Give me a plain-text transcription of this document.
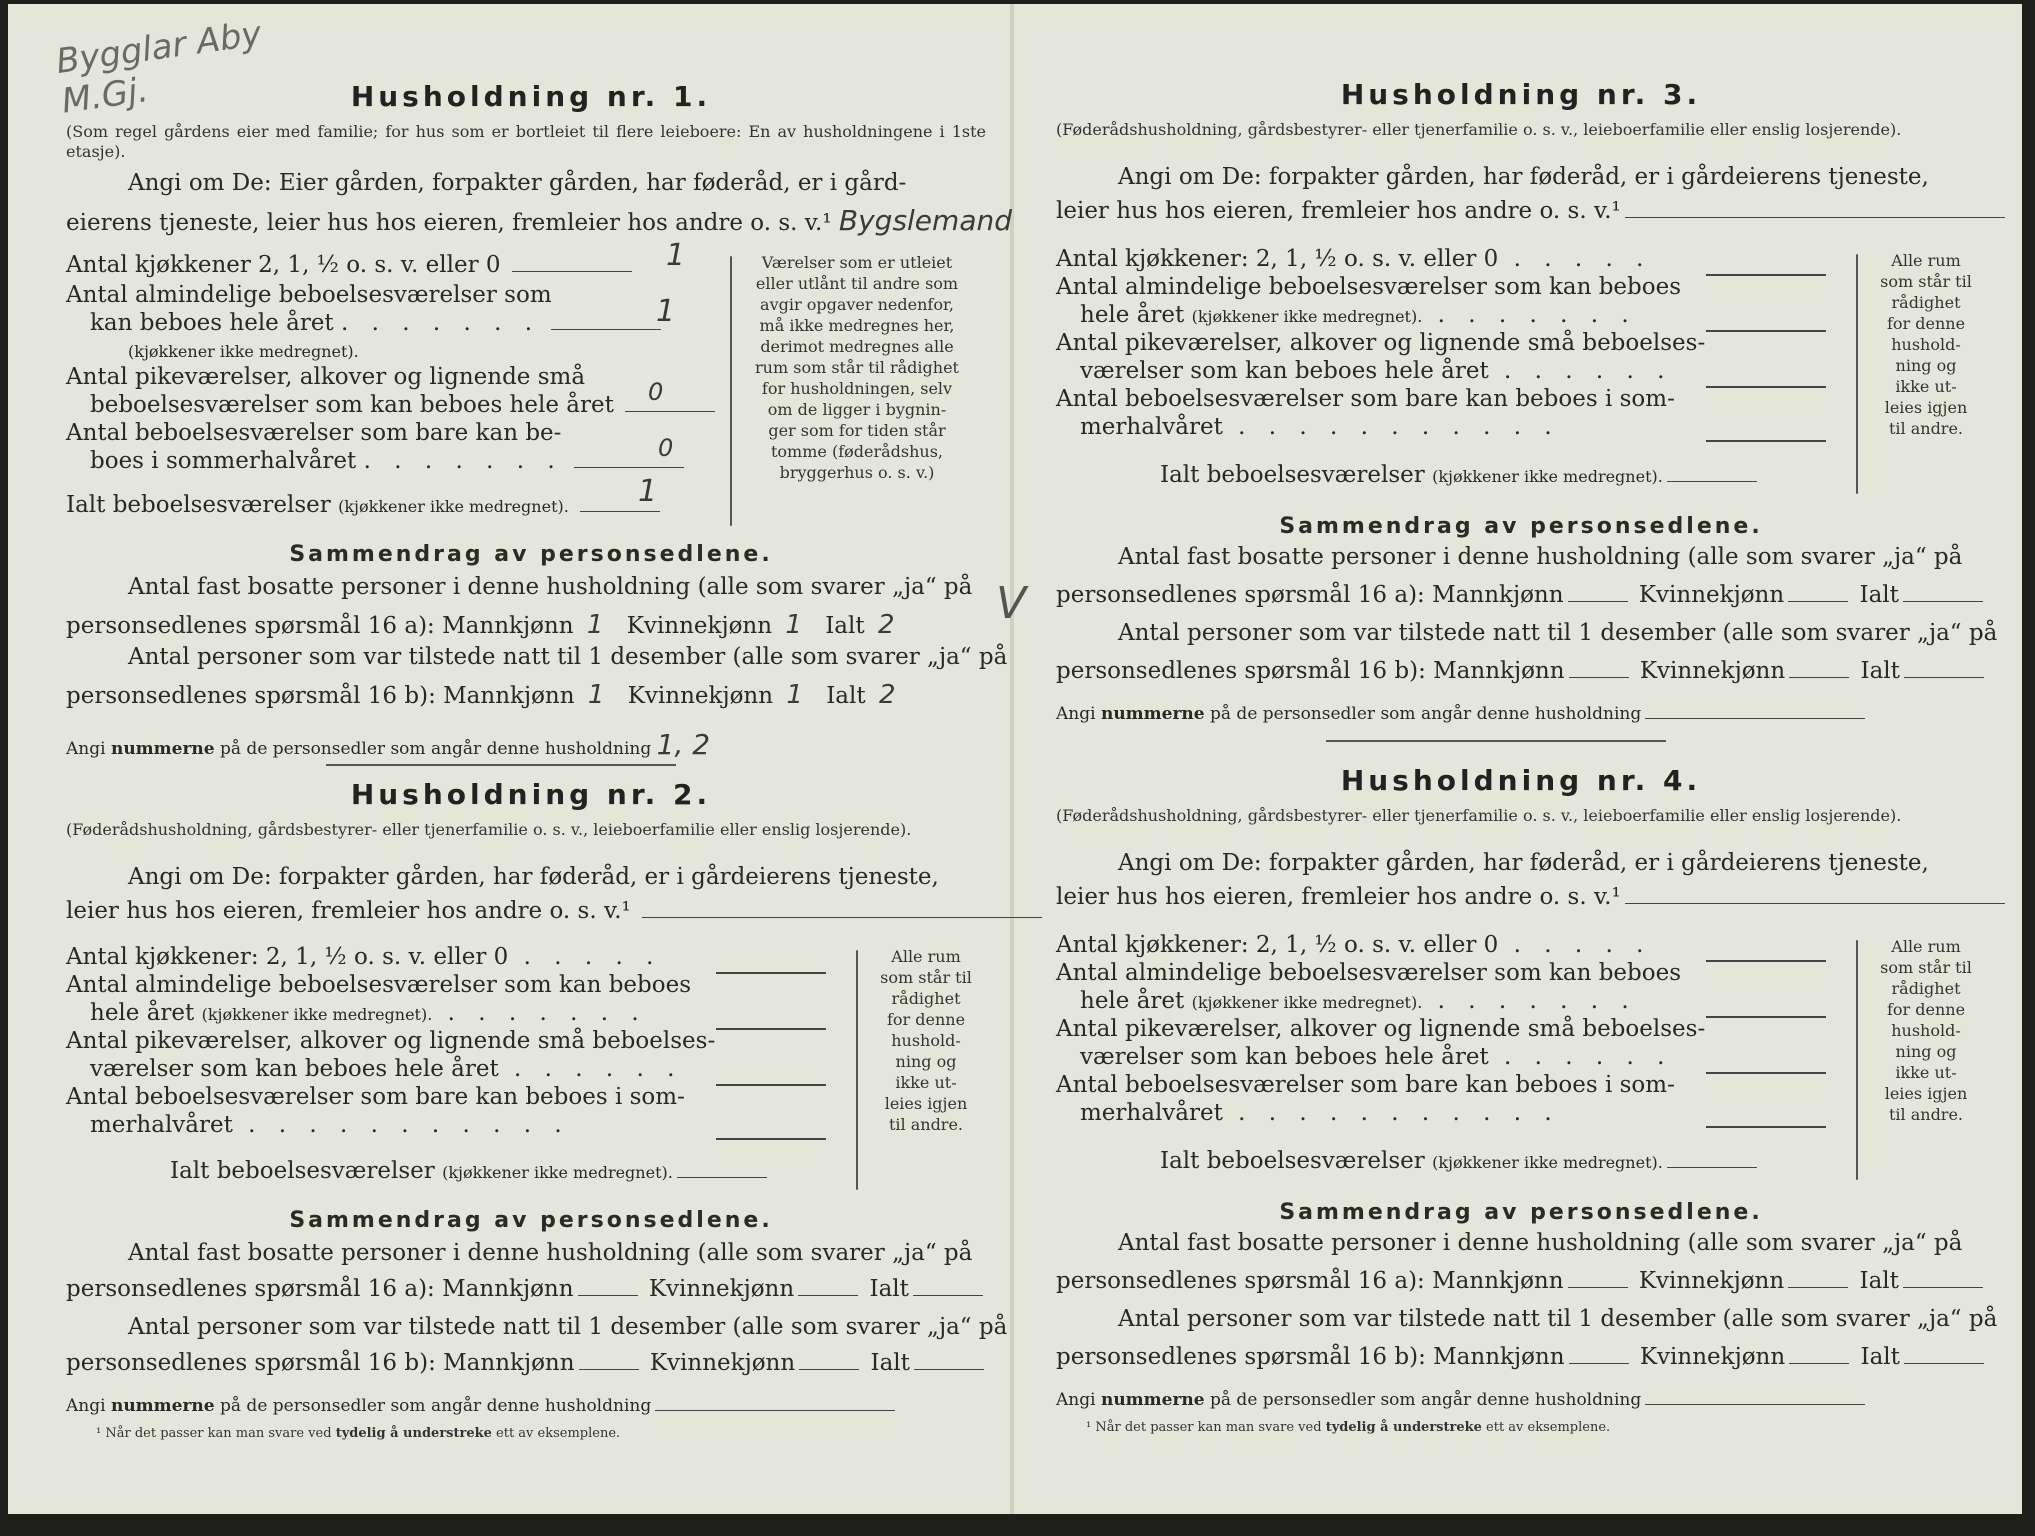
Bygglar Aby M.Gj.	Husholdning nr. 1.
(Som regel gårdens eier med familie; for hus som er bortleiet til flere leieboere: En av husholdningene i 1ste etasje).
Angi om De: Eier gården, forpakter gården, har føderåd, er i gård-
eierens tjeneste, leier hus hos eieren, fremleier hos andre o. s. v.¹ Bygslemand
Antal kjøkkener 2, 1, ½ o. s. v. eller 0	1
Antal almindelige beboelsesværelser som
kan beboes hele året . . . . . . .	1
(kjøkkener ikke medregnet).
Antal pikeværelser, alkover og lignende små
beboelsesværelser som kan beboes hele året	0
Antal beboelsesværelser som bare kan be-
boes i sommerhalvåret . . . . . . .	0
Ialt beboelsesværelser (kjøkkener ikke medregnet).	1
Værelser som er utleiet
eller utlånt til andre som
avgir opgaver nedenfor,
må ikke medregnes her,
derimot medregnes alle
rum som står til rådighet
for husholdningen, selv
om de ligger i bygnin-
ger som for tiden står
tomme (føderådshus,
bryggerhus o. s. v.)
Sammendrag av personsedlene.
Antal fast bosatte personer i denne husholdning (alle som svarer „ja“ på
personsedlenes spørsmål 16 a): Mannkjønn 1 Kvinnekjønn 1 Ialt 2 V
Antal personer som var tilstede natt til 1 desember (alle som svarer „ja“ på
personsedlenes spørsmål 16 b): Mannkjønn 1 Kvinnekjønn 1 Ialt 2
Angi nummerne på de personsedler som angår denne husholdning 1, 2
Husholdning nr. 2.
(Føderådshusholdning, gårdsbestyrer- eller tjenerfamilie o. s. v., leieboerfamilie eller enslig losjerende).
Angi om De: forpakter gården, har føderåd, er i gårdeierens tjeneste,
leier hus hos eieren, fremleier hos andre o. s. v.¹
Antal kjøkkener: 2, 1, ½ o. s. v. eller 0 . . . . .
Antal almindelige beboelsesværelser som kan beboes
hele året (kjøkkener ikke medregnet). . . . . . . .
Antal pikeværelser, alkover og lignende små beboelses-
værelser som kan beboes hele året . . . . . .
Antal beboelsesværelser som bare kan beboes i som-
merhalvåret . . . . . . . . . . .
Ialt beboelsesværelser (kjøkkener ikke medregnet).
Alle rum
som står til
rådighet
for denne
hushold-
ning og
ikke ut-
leies igjen
til andre.
Sammendrag av personsedlene.
Antal fast bosatte personer i denne husholdning (alle som svarer „ja“ på
personsedlenes spørsmål 16 a): Mannkjønn	Kvinnekjønn	Ialt
Antal personer som var tilstede natt til 1 desember (alle som svarer „ja“ på
personsedlenes spørsmål 16 b): Mannkjønn	Kvinnekjønn	Ialt
Angi nummerne på de personsedler som angår denne husholdning
¹ Når det passer kan man svare ved tydelig å understreke ett av eksemplene.
Husholdning nr. 3.
(Føderådshusholdning, gårdsbestyrer- eller tjenerfamilie o. s. v., leieboerfamilie eller enslig losjerende).
Angi om De: forpakter gården, har føderåd, er i gårdeierens tjeneste,
leier hus hos eieren, fremleier hos andre o. s. v.¹
Antal kjøkkener: 2, 1, ½ o. s. v. eller 0 . . . . .
Antal almindelige beboelsesværelser som kan beboes
hele året (kjøkkener ikke medregnet). . . . . . . .
Antal pikeværelser, alkover og lignende små beboelses-
værelser som kan beboes hele året . . . . . .
Antal beboelsesværelser som bare kan beboes i som-
merhalvåret . . . . . . . . . . .
Ialt beboelsesværelser (kjøkkener ikke medregnet).
Alle rum
som står til
rådighet
for denne
hushold-
ning og
ikke ut-
leies igjen
til andre.
Sammendrag av personsedlene.
Antal fast bosatte personer i denne husholdning (alle som svarer „ja“ på
personsedlenes spørsmål 16 a): Mannkjønn	Kvinnekjønn	Ialt
Antal personer som var tilstede natt til 1 desember (alle som svarer „ja“ på
personsedlenes spørsmål 16 b): Mannkjønn	Kvinnekjønn	Ialt
Angi nummerne på de personsedler som angår denne husholdning
Husholdning nr. 4.
(Føderådshusholdning, gårdsbestyrer- eller tjenerfamilie o. s. v., leieboerfamilie eller enslig losjerende).
Angi om De: forpakter gården, har føderåd, er i gårdeierens tjeneste,
leier hus hos eieren, fremleier hos andre o. s. v.¹
Antal kjøkkener: 2, 1, ½ o. s. v. eller 0 . . . . .
Antal almindelige beboelsesværelser som kan beboes
hele året (kjøkkener ikke medregnet). . . . . . . .
Antal pikeværelser, alkover og lignende små beboelses-
værelser som kan beboes hele året . . . . . .
Antal beboelsesværelser som bare kan beboes i som-
merhalvåret . . . . . . . . . . .
Ialt beboelsesværelser (kjøkkener ikke medregnet).
Alle rum
som står til
rådighet
for denne
hushold-
ning og
ikke ut-
leies igjen
til andre.
Sammendrag av personsedlene.
Antal fast bosatte personer i denne husholdning (alle som svarer „ja“ på
personsedlenes spørsmål 16 a): Mannkjønn	Kvinnekjønn	Ialt
Antal personer som var tilstede natt til 1 desember (alle som svarer „ja“ på
personsedlenes spørsmål 16 b): Mannkjønn	Kvinnekjønn	Ialt
Angi nummerne på de personsedler som angår denne husholdning
¹ Når det passer kan man svare ved tydelig å understreke ett av eksemplene.
